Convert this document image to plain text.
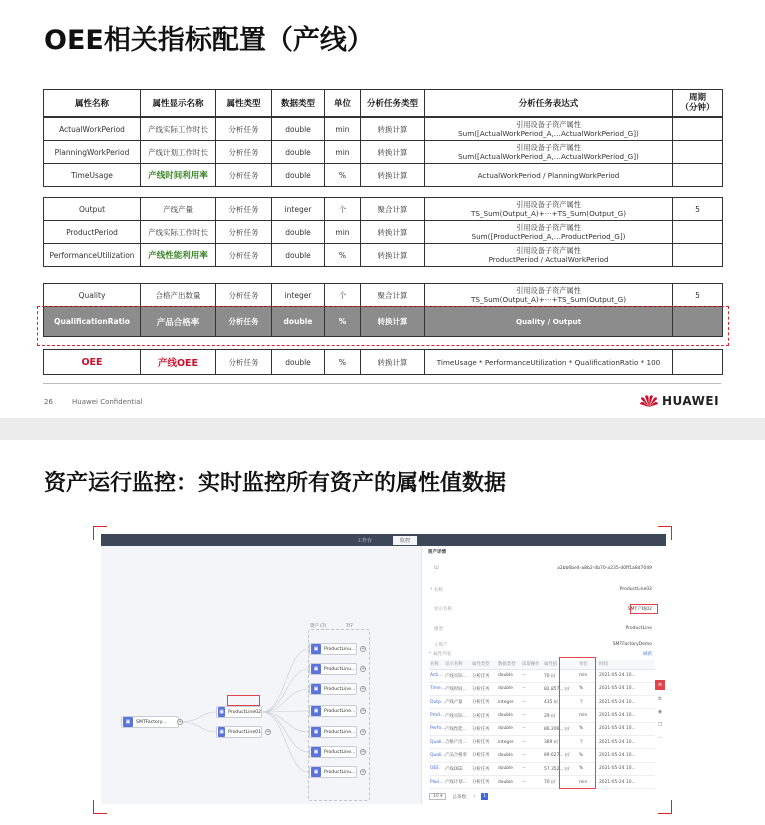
OEE相关指标配置（产线）
属性名称	属性显示名称	属性类型	数据类型	单位	分析任务类型	分析任务表达式	周期
（分钟）
ActualWorkPeriod	产线实际工作时长	分析任务	double	min	转换计算	引用设备子资产属性
Sum([ActualWorkPeriod_A,…ActualWorkPeriod_G])	

PlanningWorkPeriod	产线计划工作时长	分析任务	double	min	转换计算	引用设备子资产属性
Sum([ActualWorkPeriod_A,…ActualWorkPeriod_G])	

TimeUsage	产线时间利用率	分析任务	double	%	转换计算	ActualWorkPeriod / PlanningWorkPeriod	

Output	产线产量	分析任务	integer	个	聚合计算	引用设备子资产属性
TS_Sum(Output_A)+···+TS_Sum(Output_G)	5
ProductPeriod	产线实际工作时长	分析任务	double	min	转换计算	引用设备子资产属性
Sum([ProductPeriod_A,…ProductPeriod_G])	

PerformanceUtilization	产线性能利用率	分析任务	double	%	转换计算	引用设备子资产属性
ProductPeriod / ActualWorkPeriod	

Quality	合格产出数量	分析任务	integer	个	聚合计算	引用设备子资产属性
TS_Sum(Output_A)+···+TS_Sum(Output_G)	5
QualificationRatio	产品合格率	分析任务	double	%	转换计算	Quality / Output	

OEE	产线OEE	分析任务	double	%	转换计算	TimeUsage * PerformanceUtilization * QualificationRatio * 100

26	Huawei Confidential	HUAWEI
资产运行监控：实时监控所有资产的属性值数据
工作台	监控
▣	SMTFactory... +
▣ ProductLine02
▣ ProductLine01 +
资产 (7)	7/7
▣	ProductLinu... +
▣	ProductLinu... +
▣	ProductLine... +
▣	ProductLine... +
▣	ProductLine... +
▣	ProductLine... +
▣	ProductLinu... +
资产详情
ID	a2bb6be4-a8b2-4b70-a235-d0ff1a8d7049
* 名称	ProductLine02
显示名称	SMT产线02
模型	ProductLine
父资产	SMTFactoryDemo
^ 属性列表	刷新
名称	显示名称	属性类型	数据类型	读取操作	属性值	单位	时间
Acti...	产线实际...	分析任务	double	--	70 ㎡	min	2021-05-24 10...
Time...	产线时间...	分析任务	double	--	82.857... ㎡	%	2021-05-24 10...
Outp...	产线产量	分析任务	integer	--	435 ㎡	个	2021-05-24 10...
Prod...	产线实际...	分析任务	double	--	29 ㎡	min	2021-05-24 10...
Perfo...	产线性能...	分析任务	double	--	86.206... ㎡	%	2021-05-24 10...
Quali...	合格产出...	分析任务	integer	--	389 ㎡	个	2021-05-24 10...
Quali...	产品合格率	分析任务	double	--	89.627... ㎡	%	2021-05-24 10...
OEE	产线OEE	分析任务	double	--	57.352... ㎡	%	2021-05-24 10...
Plan...	产线计划...	分析任务	double	--	70 ㎡	min	2021-05-24 10...
10 ▾	总条数: ‹	1
≡
⚙
◉
❐
⋯
